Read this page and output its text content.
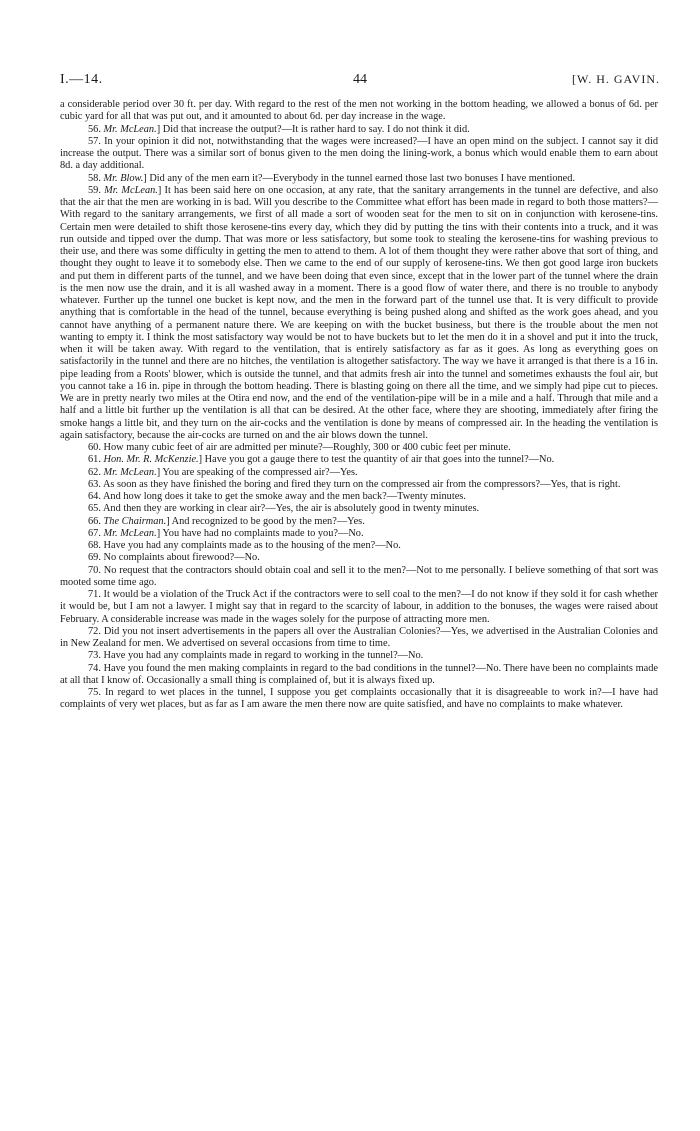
I.—14.	44	[W. H. GAVIN.

a considerable period over 30 ft. per day. With regard to the rest of the men not working in the bottom heading, we allowed a bonus of 6d. per cubic yard for all that was put out, and it amounted to about 6d. per day increase in the wage.

56. Mr. McLean.] Did that increase the output?—It is rather hard to say. I do not think it did.

57. In your opinion it did not, notwithstanding that the wages were increased?—I have an open mind on the subject. I cannot say it did increase the output. There was a similar sort of bonus given to the men doing the lining-work, a bonus which would enable them to earn about 8d. a day additional.

58. Mr. Blow.] Did any of the men earn it?—Everybody in the tunnel earned those last two bonuses I have mentioned.

59. Mr. McLean.] It has been said here on one occasion, at any rate, that the sanitary arrangements in the tunnel are defective, and also that the air that the men are working in is bad. Will you describe to the Committee what effort has been made in regard to both those matters?—With regard to the sanitary arrangements, we first of all made a sort of wooden seat for the men to sit on in conjunction with kerosene-tins. Certain men were detailed to shift those kerosene-tins every day, which they did by putting the tins with their contents into a truck, and it was run outside and tipped over the dump. That was more or less satisfactory, but some took to stealing the kerosene-tins for washing previous to their use, and there was some difficulty in getting the men to attend to them. A lot of them thought they were rather above that sort of thing, and thought they ought to leave it to somebody else. Then we came to the end of our supply of kerosene-tins. We then got good large iron buckets and put them in different parts of the tunnel, and we have been doing that even since, except that in the lower part of the tunnel where the drain is the men now use the drain, and it is all washed away in a moment. There is a good flow of water there, and there is no trouble to anybody whatever. Further up the tunnel one bucket is kept now, and the men in the forward part of the tunnel use that. It is very difficult to provide anything that is comfortable in the head of the tunnel, because everything is being pushed along and shifted as the work goes ahead, and you cannot have anything of a permanent nature there. We are keeping on with the bucket business, but there is the trouble about the men not wanting to empty it. I think the most satisfactory way would be not to have buckets but to let the men do it in a shovel and put it into the truck, when it will be taken away. With regard to the ventilation, that is entirely satisfactory as far as it goes. As long as everything goes on satisfactorily in the tunnel and there are no hitches, the ventilation is altogether satisfactory. The way we have it arranged is that there is a 16 in. pipe leading from a Roots' blower, which is outside the tunnel, and that admits fresh air into the tunnel and sometimes exhausts the foul air, but you cannot take a 16 in. pipe in through the bottom heading. There is blasting going on there all the time, and we simply had pipe cut to pieces. We are in pretty nearly two miles at the Otira end now, and the end of the ventilation-pipe will be in a mile and a half. Through that mile and a half and a little bit further up the ventilation is all that can be desired. At the other face, where they are shooting, immediately after firing the smoke hangs a little bit, and they turn on the air-cocks and the ventilation is done by means of compressed air. In the heading the ventilation is again satisfactory, because the air-cocks are turned on and the air blows down the tunnel.

60. How many cubic feet of air are admitted per minute?—Roughly, 300 or 400 cubic feet per minute.

61. Hon. Mr. R. McKenzie.] Have you got a gauge there to test the quantity of air that goes into the tunnel?—No.

62. Mr. McLean.] You are speaking of the compressed air?—Yes.

63. As soon as they have finished the boring and fired they turn on the compressed air from the compressors?—Yes, that is right.

64. And how long does it take to get the smoke away and the men back?—Twenty minutes.

65. And then they are working in clear air?—Yes, the air is absolutely good in twenty minutes.

66. The Chairman.] And recognized to be good by the men?—Yes.

67. Mr. McLean.] You have had no complaints made to you?—No.

68. Have you had any complaints made as to the housing of the men?—No.

69. No complaints about firewood?—No.

70. No request that the contractors should obtain coal and sell it to the men?—Not to me personally. I believe something of that sort was mooted some time ago.

71. It would be a violation of the Truck Act if the contractors were to sell coal to the men?—I do not know if they sold it for cash whether it would be, but I am not a lawyer. I might say that in regard to the scarcity of labour, in addition to the bonuses, the wages were raised about February. A considerable increase was made in the wages solely for the purpose of attracting more men.

72. Did you not insert advertisements in the papers all over the Australian Colonies?—Yes, we advertised in the Australian Colonies and in New Zealand for men. We advertised on several occasions from time to time.

73. Have you had any complaints made in regard to working in the tunnel?—No.

74. Have you found the men making complaints in regard to the bad conditions in the tunnel?—No. There have been no complaints made at all that I know of. Occasionally a small thing is complained of, but it is always fixed up.

75. In regard to wet places in the tunnel, I suppose you get complaints occasionally that it is disagreeable to work in?—I have had complaints of very wet places, but as far as I am aware the men there now are quite satisfied, and have no complaints to make whatever.
